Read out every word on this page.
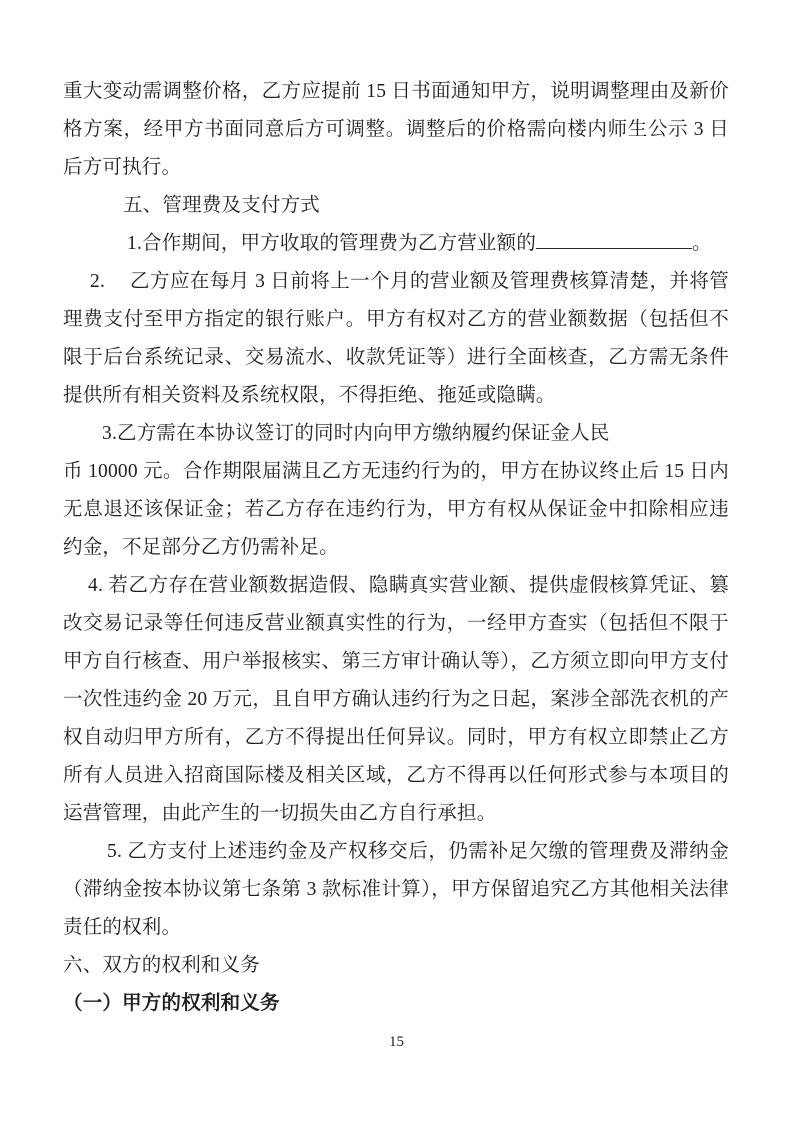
重大变动需调整价格，乙方应提前 15 日书面通知甲方，说明调整理由及新价格方案，经甲方书面同意后方可调整。调整后的价格需向楼内师生公示 3 日后方可执行。

五、管理费及支付方式

1.合作期间，甲方收取的管理费为乙方营业额的	。

2.  乙方应在每月 3 日前将上一个月的营业额及管理费核算清楚，并将管理费支付至甲方指定的银行账户。甲方有权对乙方的营业额数据（包括但不限于后台系统记录、交易流水、收款凭证等）进行全面核查，乙方需无条件提供所有相关资料及系统权限，不得拒绝、拖延或隐瞒。

3.乙方需在本协议签订的同时内向甲方缴纳履约保证金人民
币 10000 元。合作期限届满且乙方无违约行为的，甲方在协议终止后 15 日内无息退还该保证金；若乙方存在违约行为，甲方有权从保证金中扣除相应违约金，不足部分乙方仍需补足。

4. 若乙方存在营业额数据造假、隐瞒真实营业额、提供虚假核算凭证、篡改交易记录等任何违反营业额真实性的行为，一经甲方查实（包括但不限于甲方自行核查、用户举报核实、第三方审计确认等），乙方须立即向甲方支付一次性违约金 20 万元，且自甲方确认违约行为之日起，案涉全部洗衣机的产权自动归甲方所有，乙方不得提出任何异议。同时，甲方有权立即禁止乙方所有人员进入招商国际楼及相关区域，乙方不得再以任何形式参与本项目的运营管理，由此产生的一切损失由乙方自行承担。

5. 乙方支付上述违约金及产权移交后，仍需补足欠缴的管理费及滞纳金（滞纳金按本协议第七条第 3 款标准计算），甲方保留追究乙方其他相关法律责任的权利。

六、双方的权利和义务

（一）甲方的权利和义务

15
